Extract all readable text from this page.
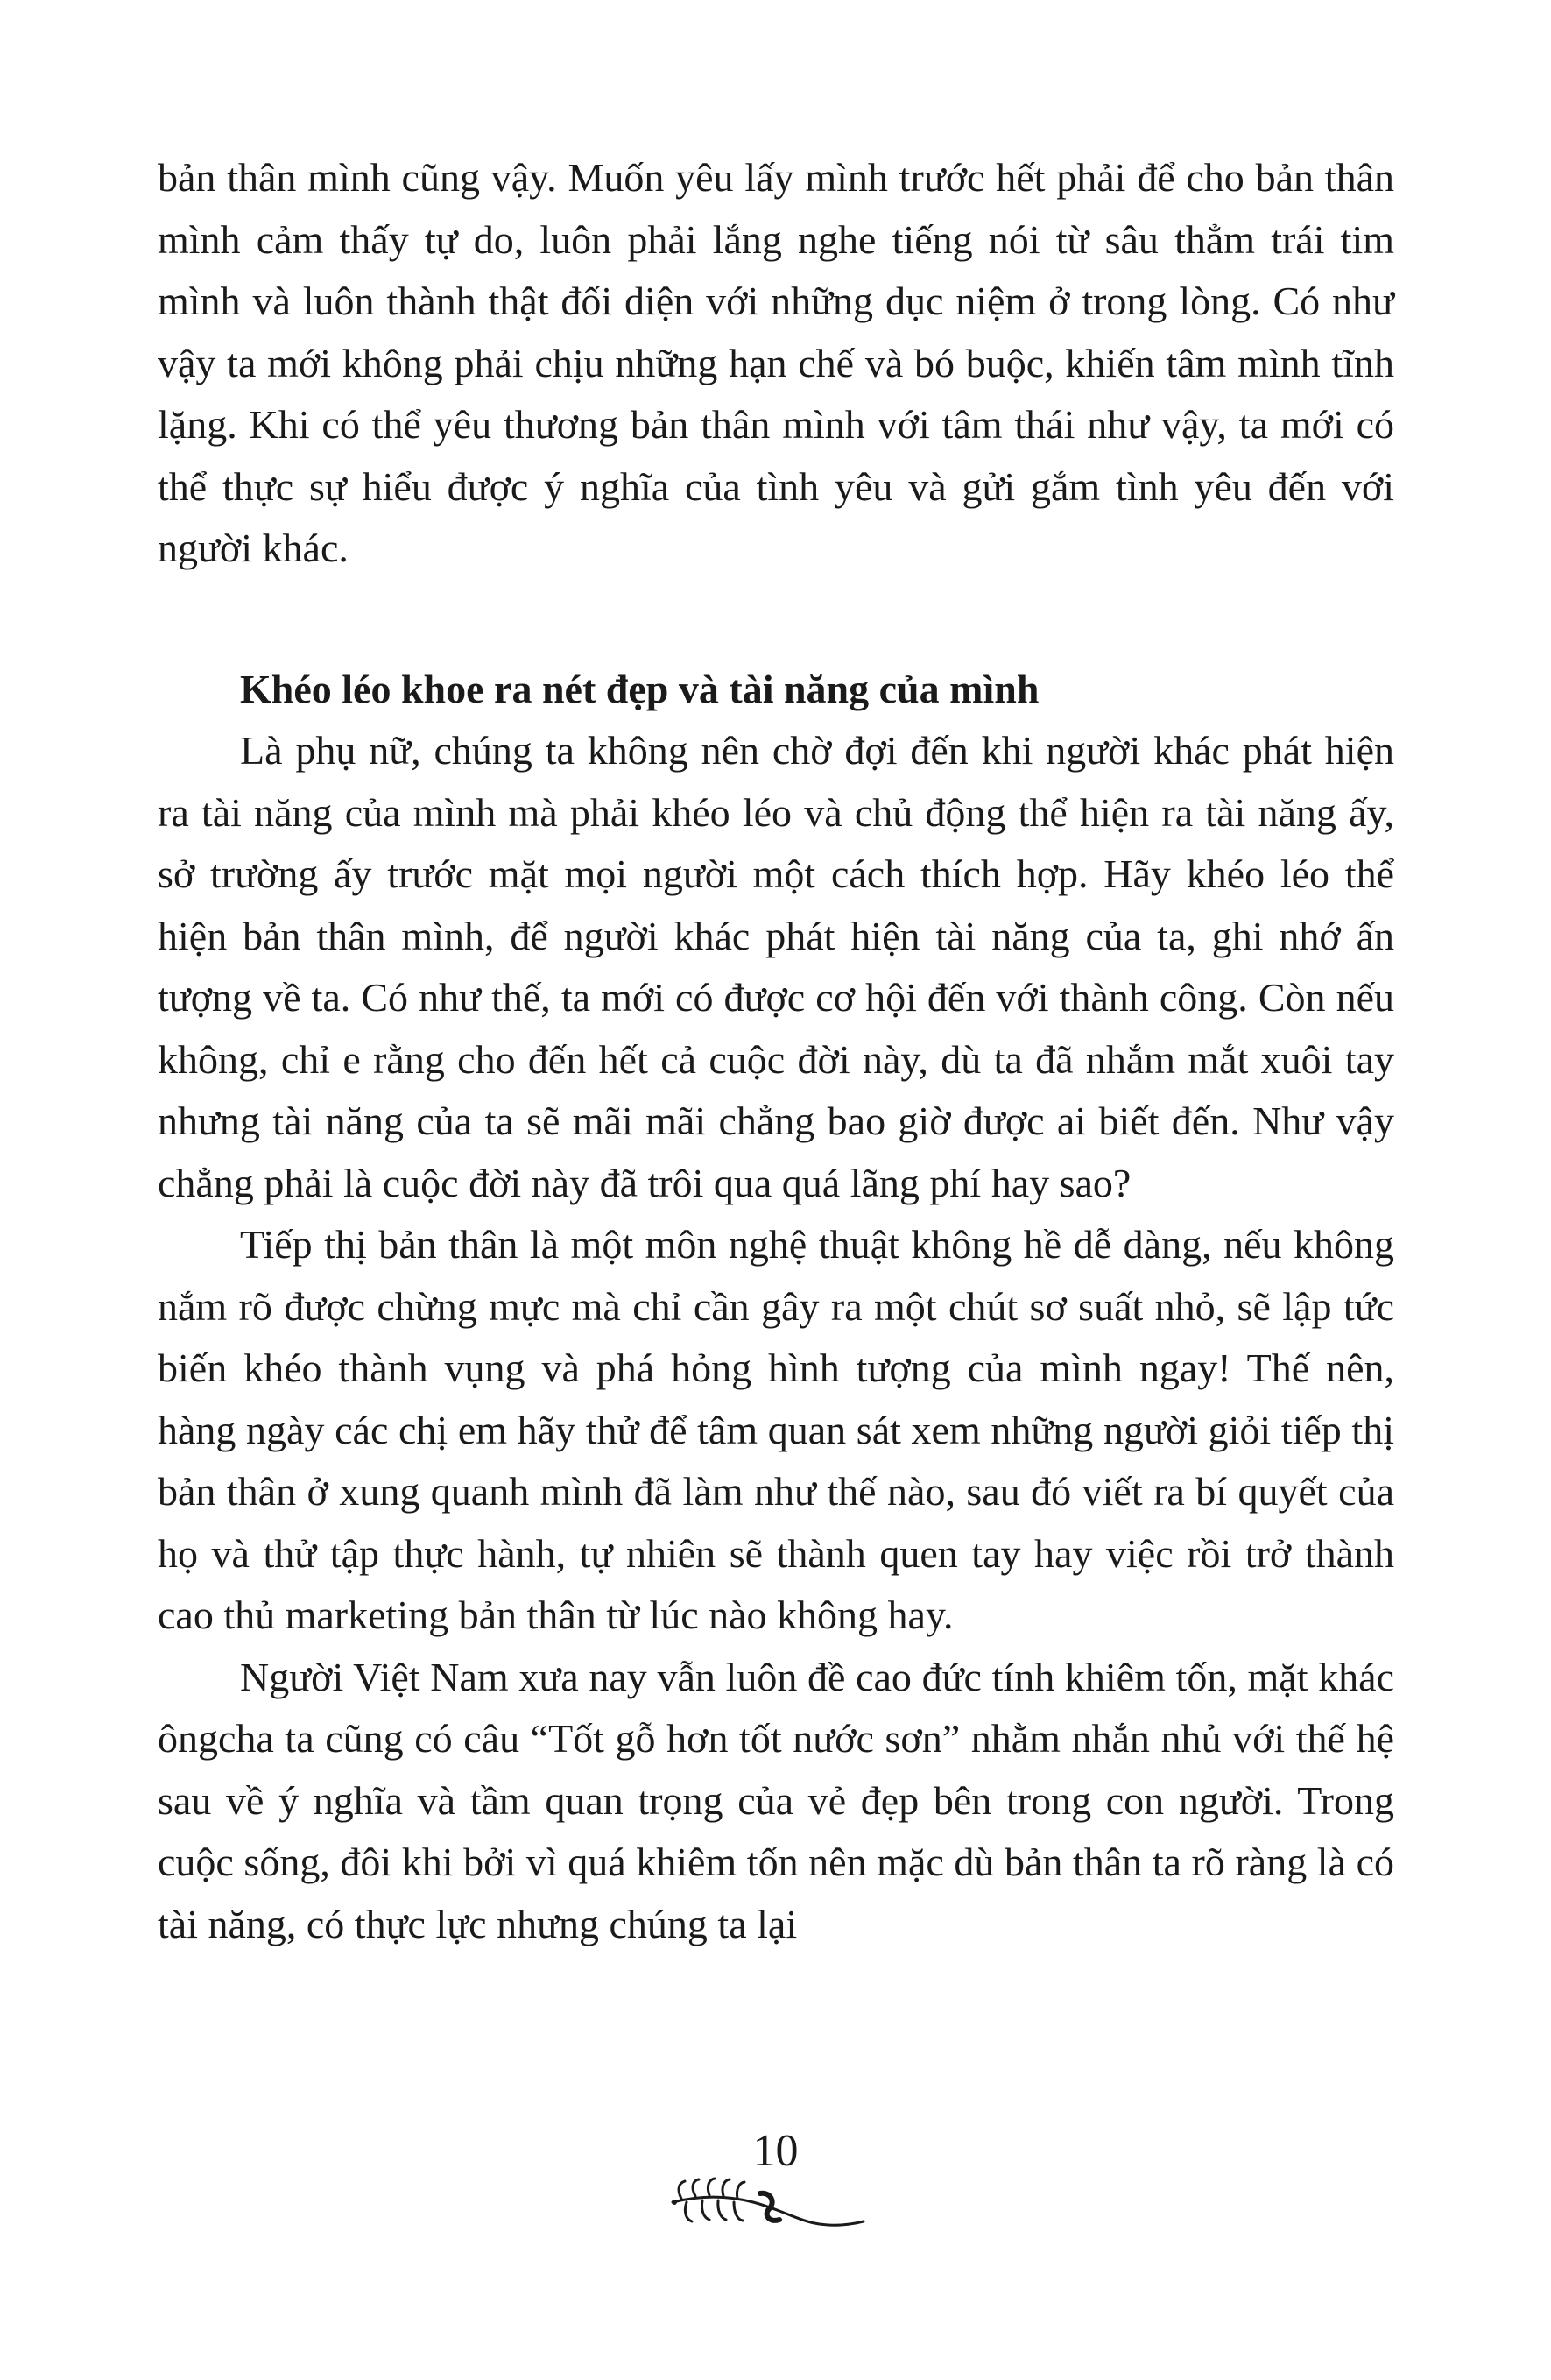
bản thân mình cũng vậy. Muốn yêu lấy mình trước hết phải để cho bản thân mình cảm thấy tự do, luôn phải lắng nghe tiếng nói từ sâu thẳm trái tim mình và luôn thành thật đối diện với những dục niệm ở trong lòng. Có như vậy ta mới không phải chịu những hạn chế và bó buộc, khiến tâm mình tĩnh lặng. Khi có thể yêu thương bản thân mình với tâm thái như vậy, ta mới có thể thực sự hiểu được ý nghĩa của tình yêu và gửi gắm tình yêu đến với người khác.

Khéo léo khoe ra nét đẹp và tài năng của mình

Là phụ nữ, chúng ta không nên chờ đợi đến khi người khác phát hiện ra tài năng của mình mà phải khéo léo và chủ động thể hiện ra tài năng ấy, sở trường ấy trước mặt mọi người một cách thích hợp. Hãy khéo léo thể hiện bản thân mình, để người khác phát hiện tài năng của ta, ghi nhớ ấn tượng về ta. Có như thế, ta mới có được cơ hội đến với thành công. Còn nếu không, chỉ e rằng cho đến hết cả cuộc đời này, dù ta đã nhắm mắt xuôi tay nhưng tài năng của ta sẽ mãi mãi chẳng bao giờ được ai biết đến. Như vậy chẳng phải là cuộc đời này đã trôi qua quá lãng phí hay sao?

Tiếp thị bản thân là một môn nghệ thuật không hề dễ dàng, nếu không nắm rõ được chừng mực mà chỉ cần gây ra một chút sơ suất nhỏ, sẽ lập tức biến khéo thành vụng và phá hỏng hình tượng của mình ngay! Thế nên, hàng ngày các chị em hãy thử để tâm quan sát xem những người giỏi tiếp thị bản thân ở xung quanh mình đã làm như thế nào, sau đó viết ra bí quyết của họ và thử tập thực hành, tự nhiên sẽ thành quen tay hay việc rồi trở thành cao thủ marketing bản thân từ lúc nào không hay.

Người Việt Nam xưa nay vẫn luôn đề cao đức tính khiêm tốn, mặt khác ôngcha ta cũng có câu “Tốt gỗ hơn tốt nước sơn” nhằm nhắn nhủ với thế hệ sau về ý nghĩa và tầm quan trọng của vẻ đẹp bên trong con người. Trong cuộc sống, đôi khi bởi vì quá khiêm tốn nên mặc dù bản thân ta rõ ràng là có tài năng, có thực lực nhưng chúng ta lại

10
